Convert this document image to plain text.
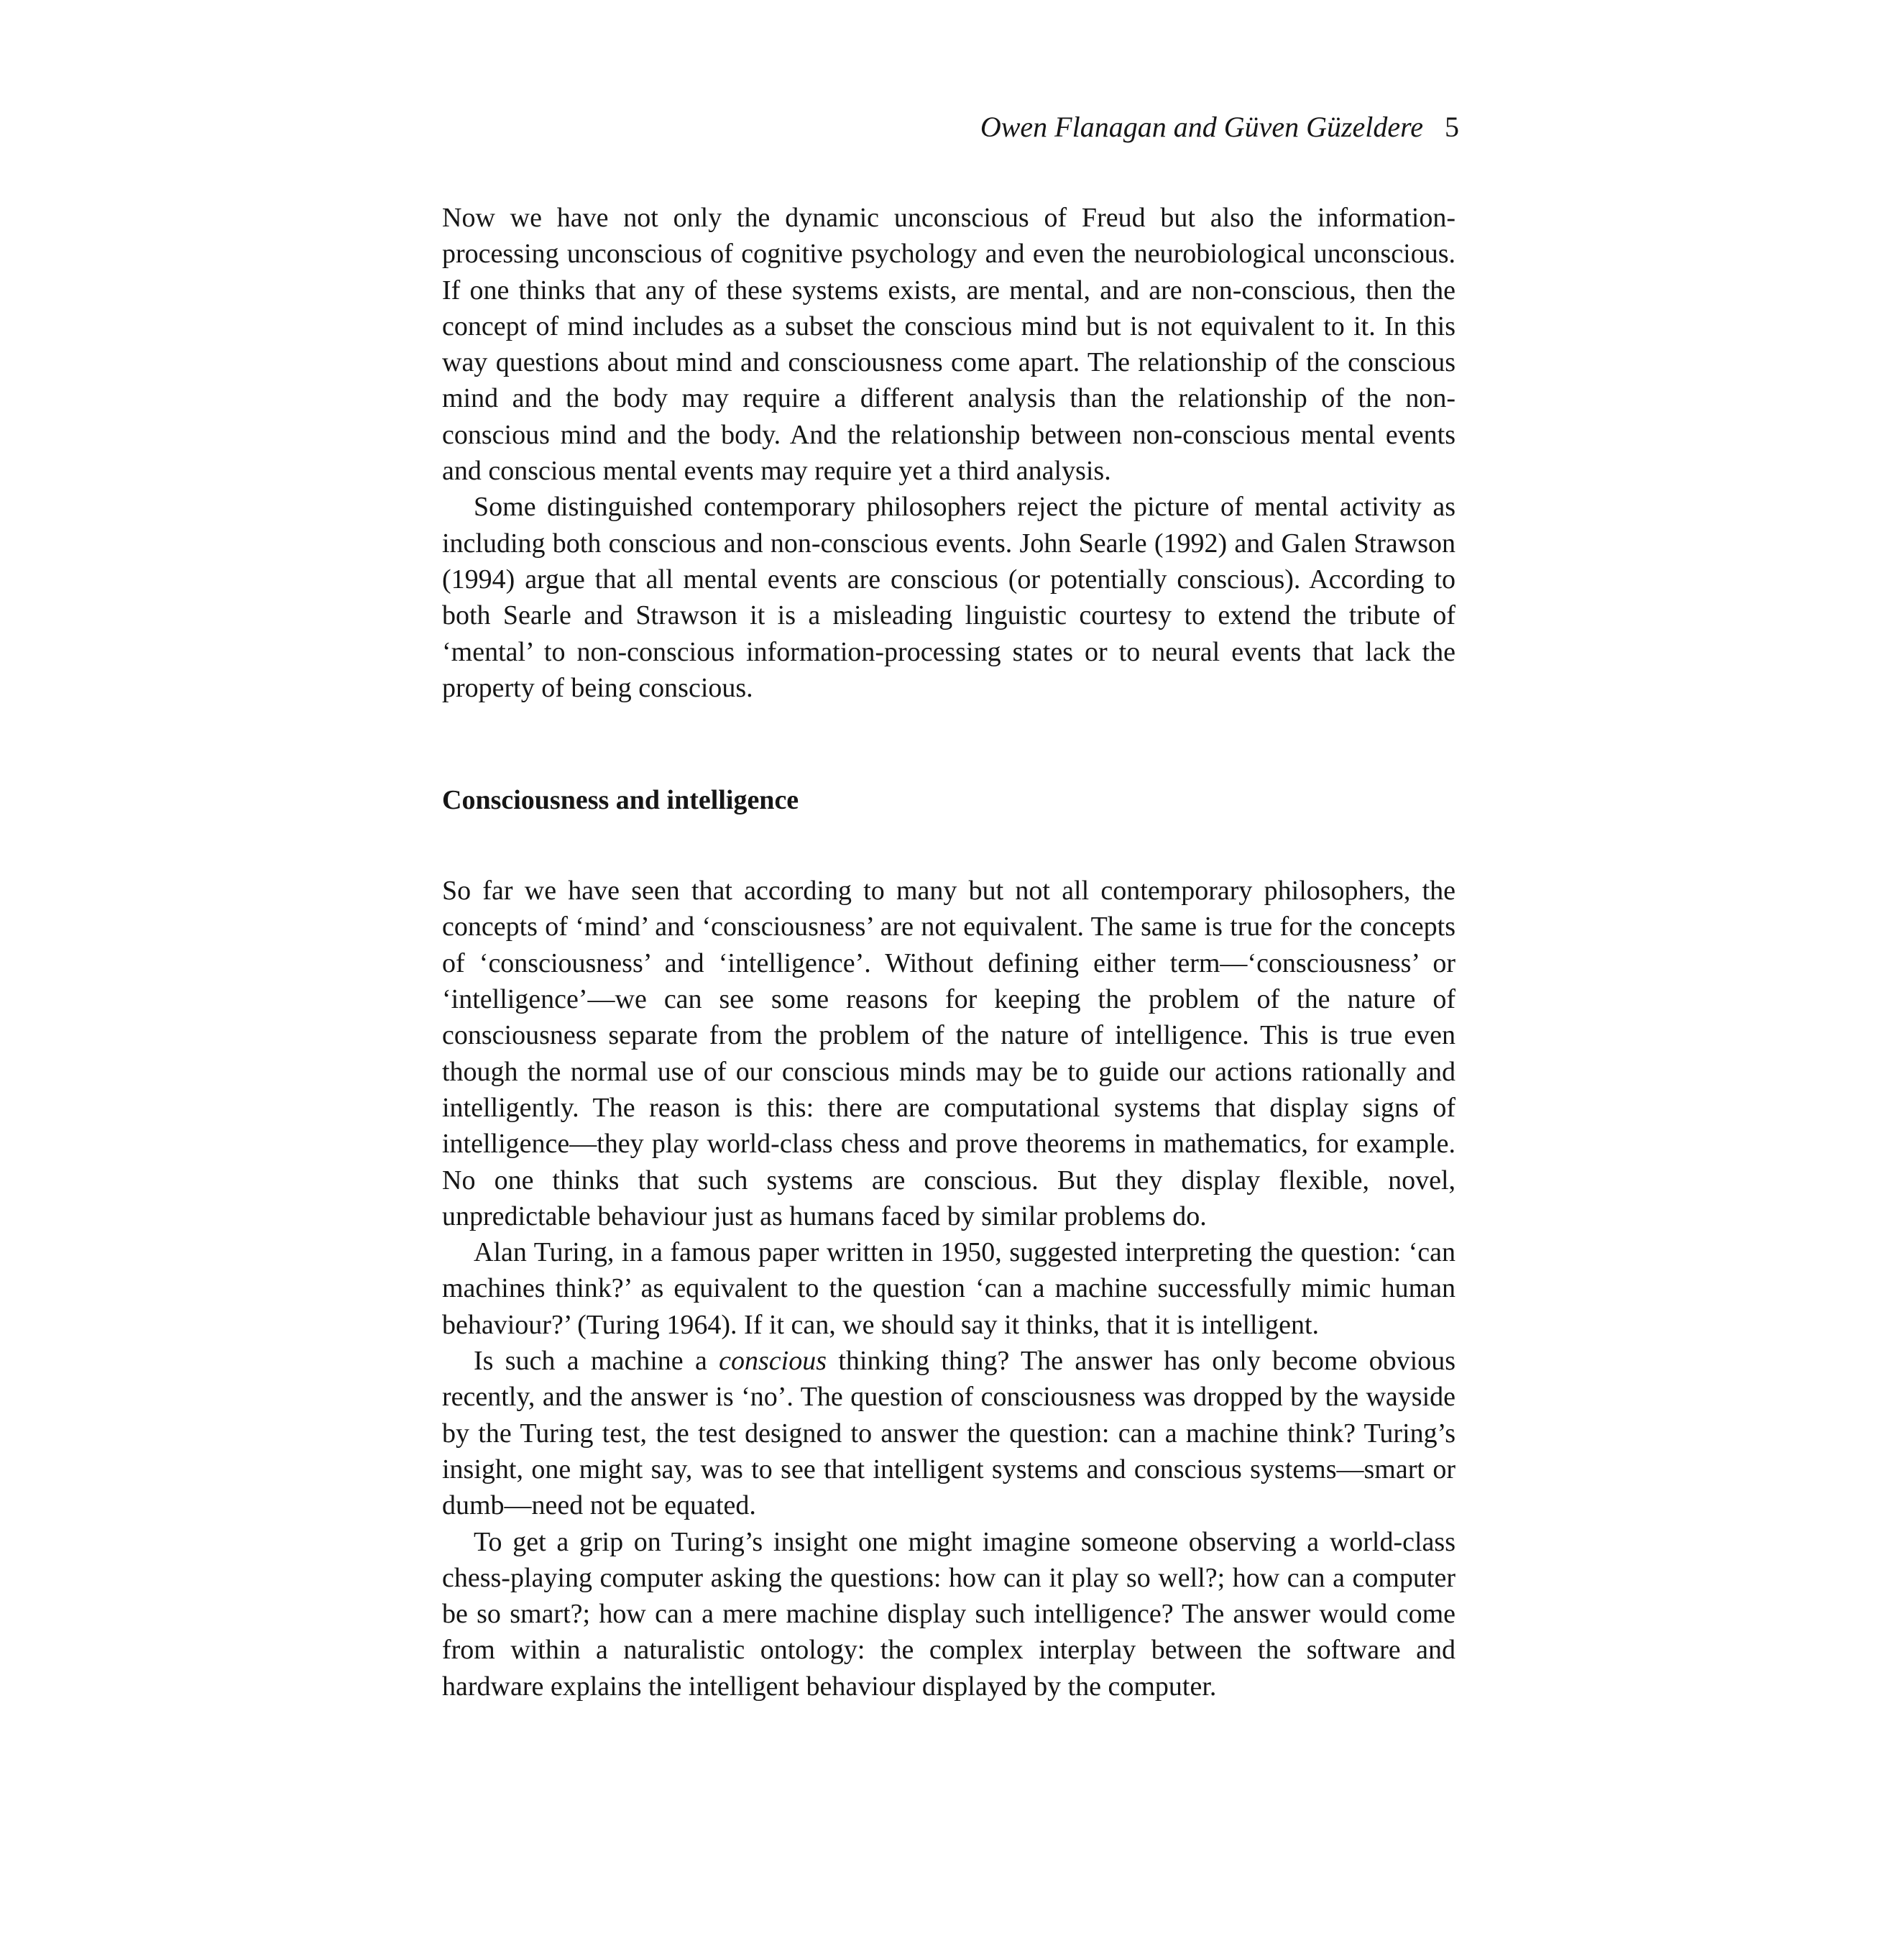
Owen Flanagan and Güven Güzeldere 5

Now we have not only the dynamic unconscious of Freud but also the information-processing unconscious of cognitive psychology and even the neurobiological unconscious. If one thinks that any of these systems exists, are mental, and are non-conscious, then the concept of mind includes as a subset the conscious mind but is not equivalent to it. In this way questions about mind and consciousness come apart. The relationship of the conscious mind and the body may require a different analysis than the relationship of the non-conscious mind and the body. And the relationship between non-conscious mental events and conscious mental events may require yet a third analysis.

Some distinguished contemporary philosophers reject the picture of mental activity as including both conscious and non-conscious events. John Searle (1992) and Galen Strawson (1994) argue that all mental events are conscious (or potentially conscious). According to both Searle and Strawson it is a misleading linguistic courtesy to extend the tribute of ‘mental’ to non-conscious information-processing states or to neural events that lack the property of being conscious.

Consciousness and intelligence

So far we have seen that according to many but not all contemporary philosophers, the concepts of ‘mind’ and ‘consciousness’ are not equivalent. The same is true for the concepts of ‘consciousness’ and ‘intelligence’. Without defining either term—‘consciousness’ or ‘intelligence’—we can see some reasons for keeping the problem of the nature of consciousness separate from the problem of the nature of intelligence. This is true even though the normal use of our conscious minds may be to guide our actions rationally and intelligently. The reason is this: there are computational systems that display signs of intelligence—they play world-class chess and prove theorems in mathematics, for example. No one thinks that such systems are conscious. But they display flexible, novel, unpredictable behaviour just as humans faced by similar problems do.

Alan Turing, in a famous paper written in 1950, suggested interpreting the question: ‘can machines think?’ as equivalent to the question ‘can a machine successfully mimic human behaviour?’ (Turing 1964). If it can, we should say it thinks, that it is intelligent.

Is such a machine a conscious thinking thing? The answer has only become obvious recently, and the answer is ‘no’. The question of consciousness was dropped by the wayside by the Turing test, the test designed to answer the question: can a machine think? Turing’s insight, one might say, was to see that intelligent systems and conscious systems—smart or dumb—need not be equated.

To get a grip on Turing’s insight one might imagine someone observing a world-class chess-playing computer asking the questions: how can it play so well?; how can a computer be so smart?; how can a mere machine display such intelligence? The answer would come from within a naturalistic ontology: the complex interplay between the software and hardware explains the intelligent behaviour displayed by the computer.
